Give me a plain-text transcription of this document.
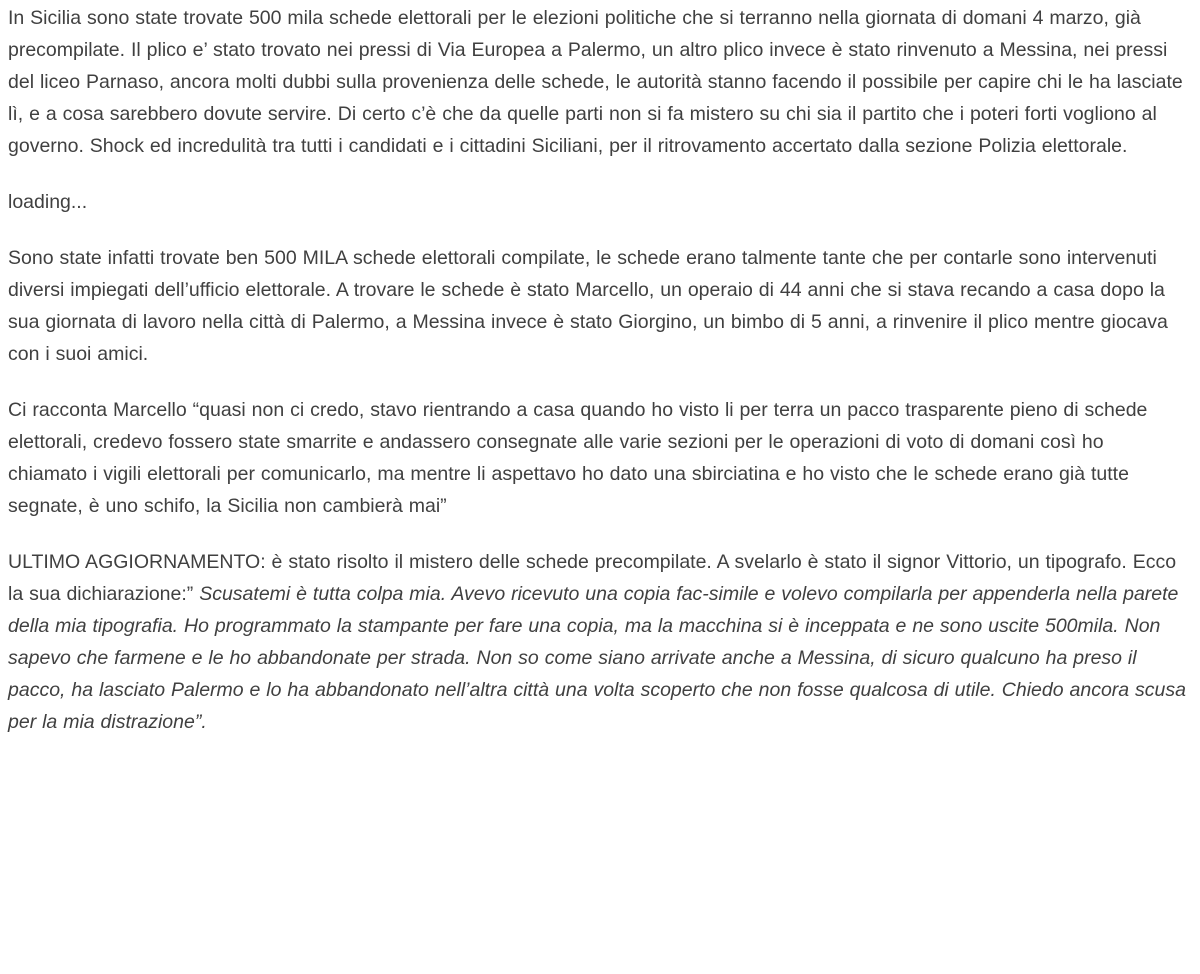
In Sicilia sono state trovate 500 mila schede elettorali per le elezioni politiche che si terranno nella giornata di domani 4 marzo, già precompilate. Il plico e’ stato trovato nei pressi di Via Europea a Palermo, un altro plico invece è stato rinvenuto a Messina, nei pressi del liceo Parnaso, ancora molti dubbi sulla provenienza delle schede, le autorità stanno facendo il possibile per capire chi le ha lasciate lì, e a cosa sarebbero dovute servire. Di certo c’è che da quelle parti non si fa mistero su chi sia il partito che i poteri forti vogliono al governo. Shock ed incredulità tra tutti i candidati e i cittadini Siciliani, per il ritrovamento accertato dalla sezione Polizia elettorale.

loading...

Sono state infatti trovate ben 500 MILA schede elettorali compilate, le schede erano talmente tante che per contarle sono intervenuti diversi impiegati dell’ufficio elettorale. A trovare le schede è stato Marcello, un operaio di 44 anni che si stava recando a casa dopo la sua giornata di lavoro nella città di Palermo, a Messina invece è stato Giorgino, un bimbo di 5 anni, a rinvenire il plico mentre giocava con i suoi amici.

Ci racconta Marcello “quasi non ci credo, stavo rientrando a casa quando ho visto li per terra un pacco trasparente pieno di schede elettorali, credevo fossero state smarrite e andassero consegnate alle varie sezioni per le operazioni di voto di domani così ho chiamato i vigili elettorali per comunicarlo, ma mentre li aspettavo ho dato una sbirciatina e ho visto che le schede erano già tutte segnate, è uno schifo, la Sicilia non cambierà mai”

ULTIMO AGGIORNAMENTO: è stato risolto il mistero delle schede precompilate. A svelarlo è stato il signor Vittorio, un tipografo. Ecco la sua dichiarazione:” Scusatemi è tutta colpa mia. Avevo ricevuto una copia fac-simile e volevo compilarla per appenderla nella parete della mia tipografia. Ho programmato la stampante per fare una copia, ma la macchina si è inceppata e ne sono uscite 500mila. Non sapevo che farmene e le ho abbandonate per strada. Non so come siano arrivate anche a Messina, di sicuro qualcuno ha preso il pacco, ha lasciato Palermo e lo ha abbandonato nell’altra città una volta scoperto che non fosse qualcosa di utile. Chiedo ancora scusa per la mia distrazione”.
